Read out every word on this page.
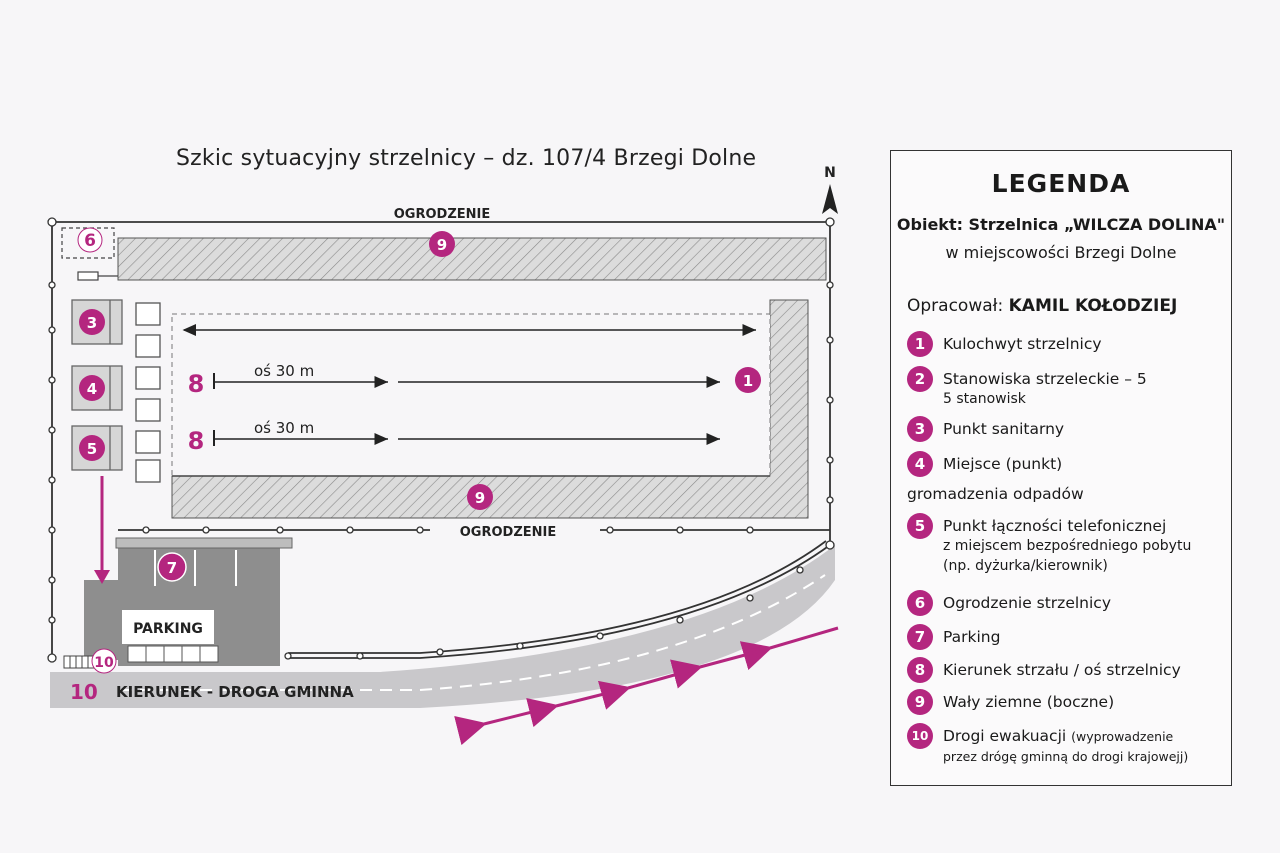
Szkic sytuacyjny strzelnicy – dz. 107/4 Brzegi Dolne
OGRODZENIE
OGRODZENIE
N
oś 30 m
oś 30 m
PARKING
10 KIERUNEK - DROGA GMINNA
6	9
9
1
3
4
5
7
8
8
10
LEGENDA
Obiekt: Strzelnica „WILCZA DOLINA"
w miejscowości Brzegi Dolne
Opracował: KAMIL KOŁODZIEJ
1	Kulochwyt strzelnicy
2	Stanowiska strzeleckie – 5
5 stanowisk
3	Punkt sanitarny
4	Miejsce (punkt)
gromadzenia odpadów
5	Punkt łączności telefonicznej
z miejscem bezpośredniego pobytu
(np. dyżurka/kierownik)
6	Ogrodzenie strzelnicy
7	Parking
8	Kierunek strzału / oś strzelnicy
9	Wały ziemne (boczne)
10 Drogi ewakuacji (wyprowadzenie
przez drógę gminną do drogi krajowejj)
